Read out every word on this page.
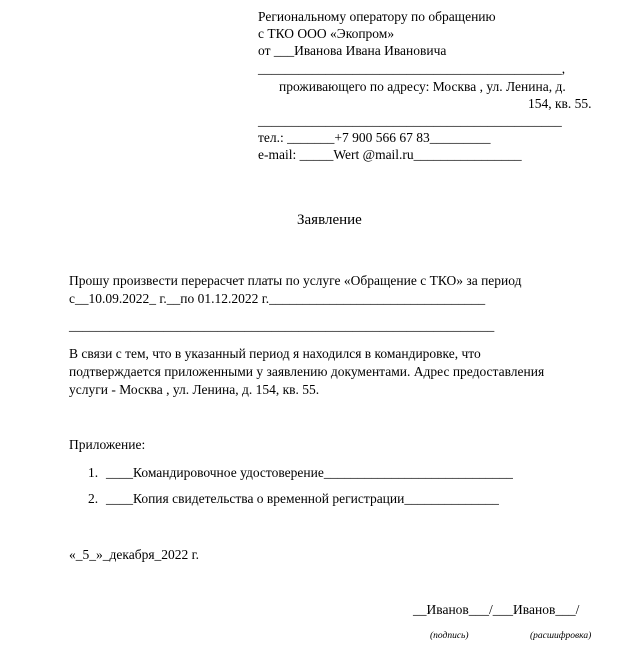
Региональному оператору по обращению
с ТКО ООО «Экопром»
от ___Иванова Ивана Ивановича
_____________________________________________,
проживающего по адресу: Москва , ул. Ленина, д.
154, кв. 55.
_____________________________________________
тел.: _______+7 900 566 67 83_________
e-mail: _____Wert @mail.ru________________
Заявление
Прошу произвести перерасчет платы по услуге «Обращение с ТКО» за период
с__10.09.2022_ г.__по 01.12.2022 г.________________________________
_______________________________________________________________
В связи с тем, что в указанный период я находился в командировке, что
подтверждается приложенными у заявлению документами. Адрес предоставления
услуги - Москва , ул. Ленина, д. 154, кв. 55.
Приложение:
1. ____Командировочное удостоверение____________________________
2. ____Копия свидетельства о временной регистрации______________
«_5_»_декабря_2022 г.
__Иванов___/___Иванов___/
(подпись)	(расшифровка)
